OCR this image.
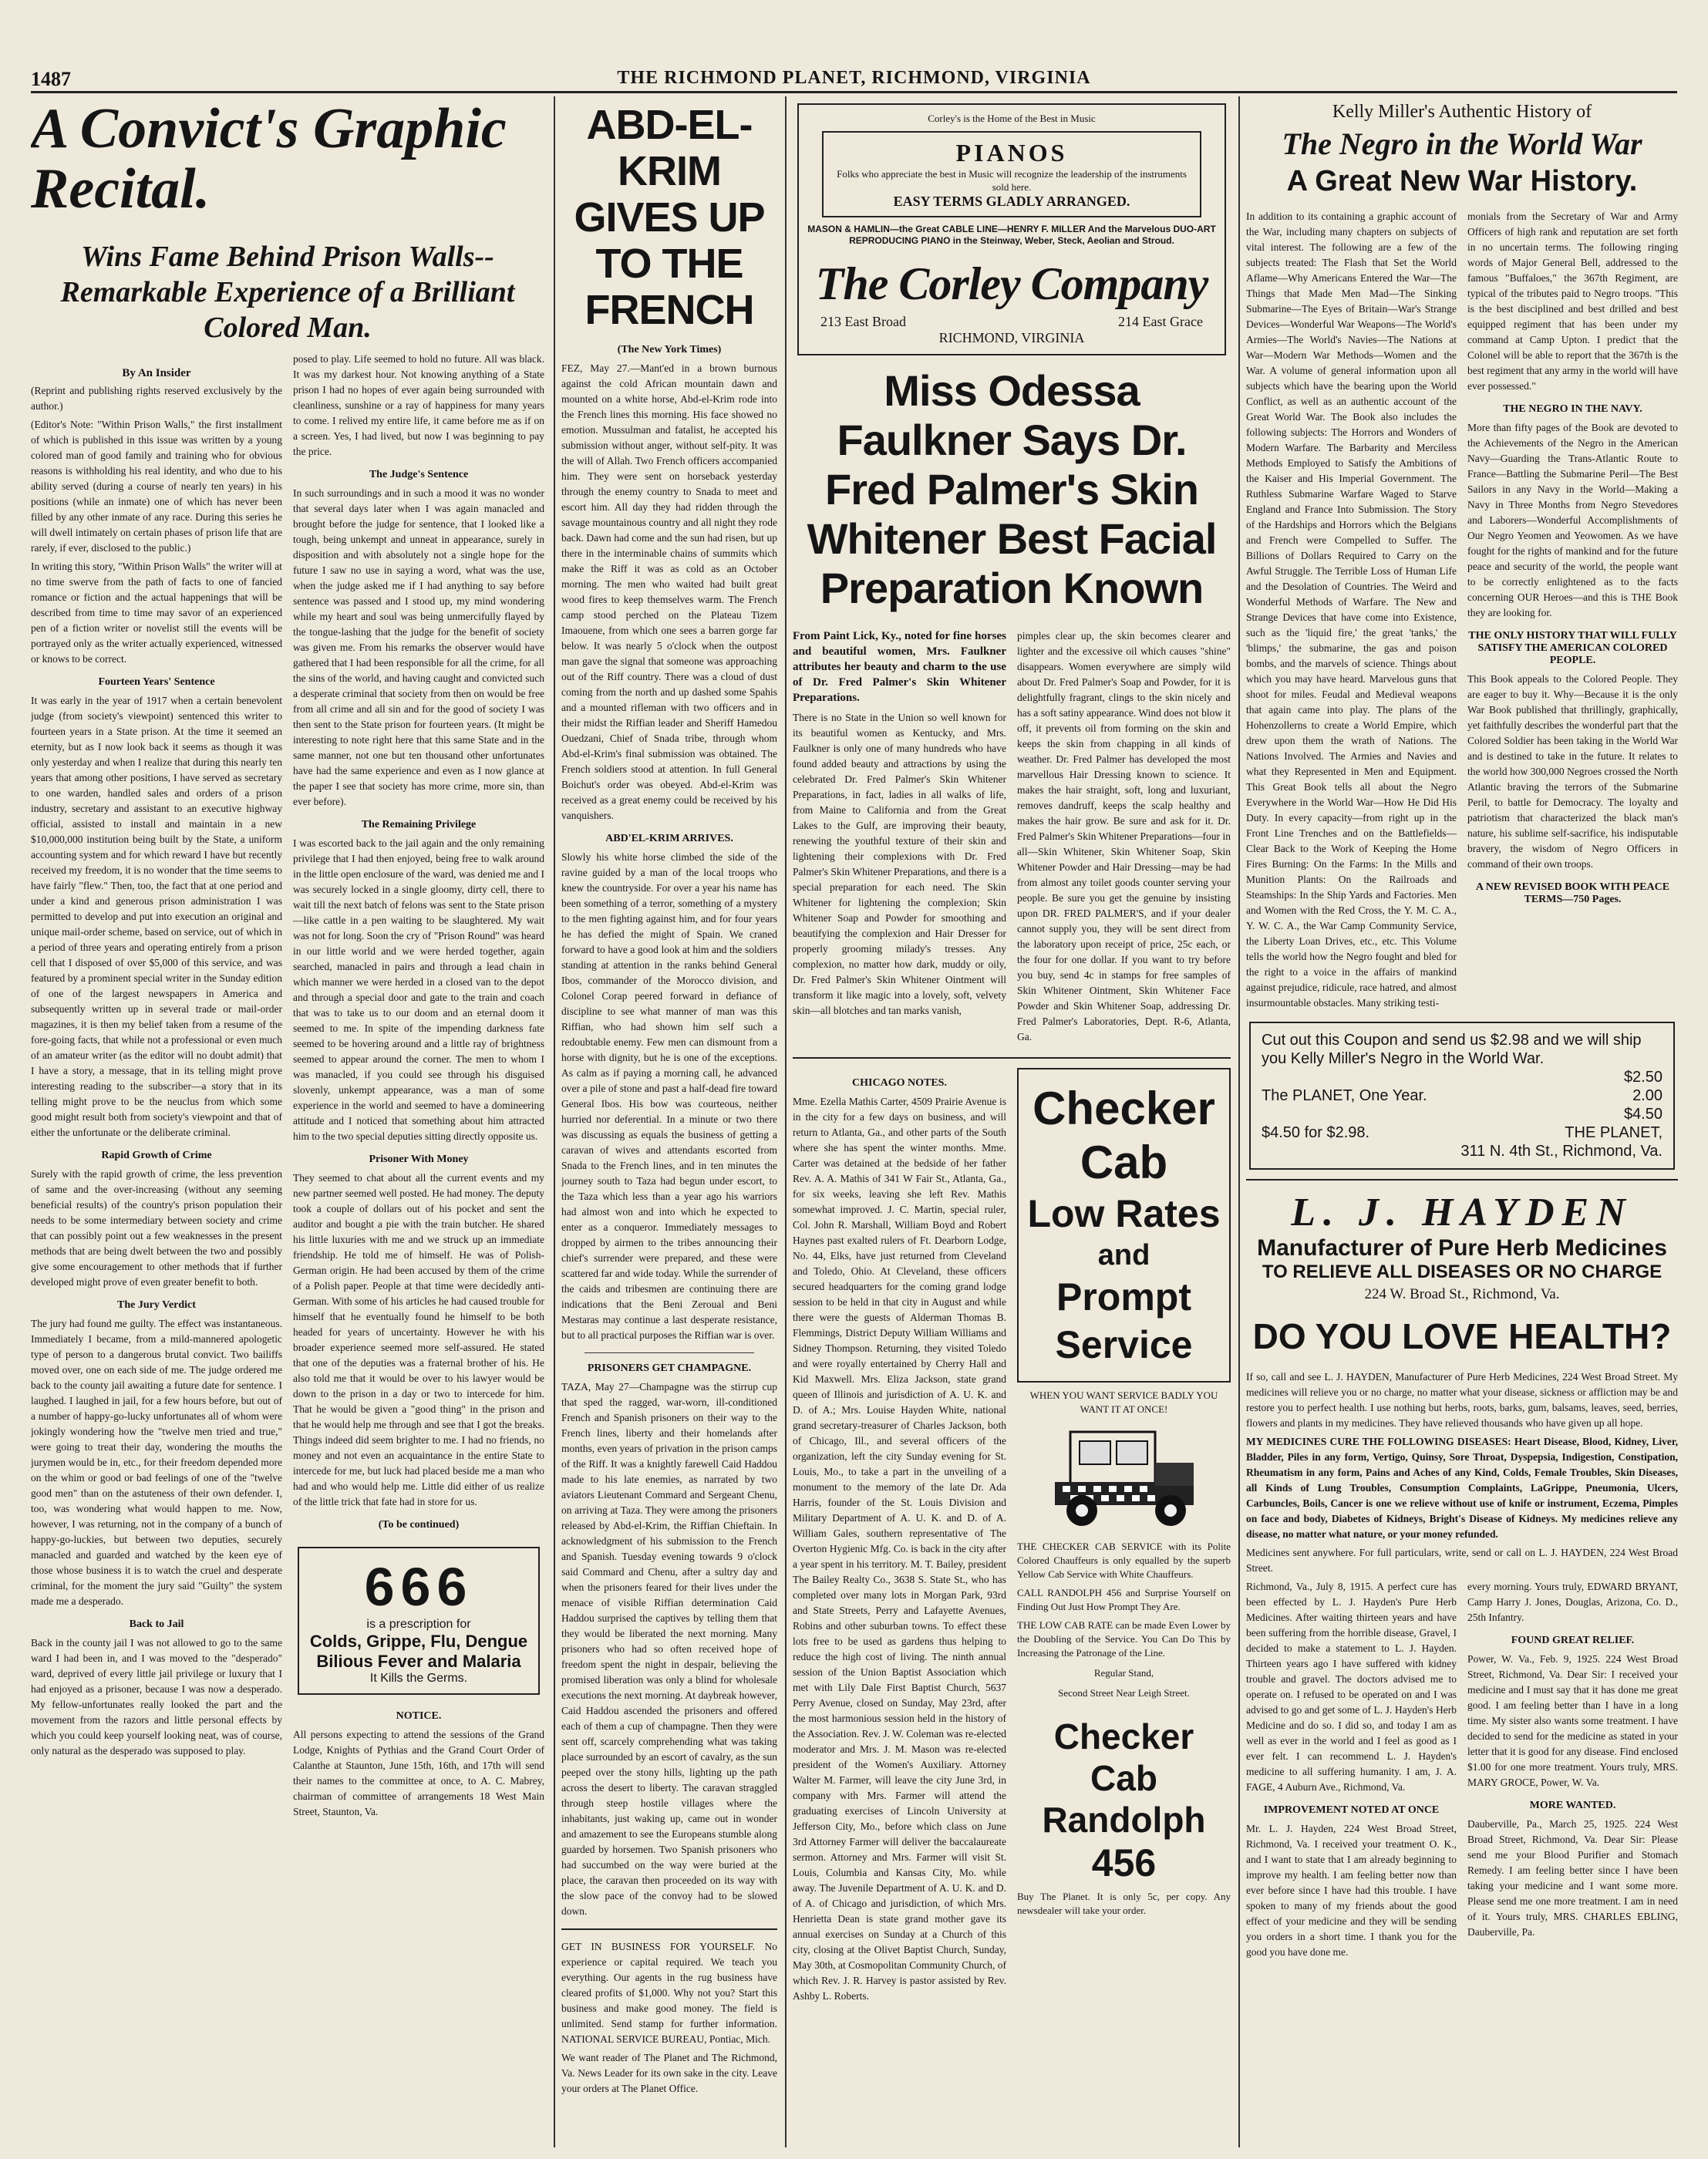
1487	THE RICHMOND PLANET, RICHMOND, VIRGINIA
A Convict's Graphic Recital.
Wins Fame Behind Prison Walls--Remarkable Experience of a Brilliant Colored Man.
By An Insider

(Reprint and publishing rights reserved exclusively by the author.)

(Editor's Note: "Within Prison Walls," the first installment of which is published in this issue was written by a young colored man of good family and training who for obvious reasons is withholding his real identity, and who due to his ability served (during a course of nearly ten years) in his positions (while an inmate) one of which has never been filled by any other inmate of any race. During this series he will dwell intimately on certain phases of prison life that are rarely, if ever, disclosed to the public.)

In writing this story, "Within Prison Walls" the writer will at no time swerve from the path of facts to one of fancied romance or fiction and the actual happenings that will be described from time to time may savor of an experienced pen of a fiction writer or novelist still the events will be portrayed only as the writer actually experienced, witnessed or knows to be correct.

Fourteen Years' Sentence

It was early in the year of 1917 when a certain benevolent judge (from society's viewpoint) sentenced this writer to fourteen years in a State prison. At the time it seemed an eternity, but as I now look back it seems as though it was only yesterday and when I realize that during this nearly ten years that among other positions, I have served as secretary to one warden, handled sales and orders of a prison industry, secretary and assistant to an executive highway official, assisted to install and maintain in a new $10,000,000 institution being built by the State, a uniform accounting system and for which reward I have but recently received my freedom, it is no wonder that the time seems to have fairly "flew." Then, too, the fact that at one period and under a kind and generous prison administration I was permitted to develop and put into execution an original and unique mail-order scheme, based on service, out of which in a period of three years and operating entirely from a prison cell that I disposed of over $5,000 of this service, and was featured by a prominent special writer in the Sunday edition of one of the largest newspapers in America and subsequently written up in several trade or mail-order magazines, it is then my belief taken from a resume of the fore-going facts, that while not a professional or even much of an amateur writer (as the editor will no doubt admit) that I have a story, a message, that in its telling might prove interesting reading to the subscriber—a story that in its telling might prove to be the neuclus from which some good might result both from society's viewpoint and that of either the unfortunate or the deliberate criminal.

Rapid Growth of Crime

Surely with the rapid growth of crime, the less prevention of same and the over-increasing (without any seeming beneficial results) of the country's prison population their needs to be some intermediary between society and crime that can possibly point out a few weaknesses in the present methods that are being dwelt between the two and possibly give some encouragement to other methods that if further developed might prove of even greater benefit to both.

The Jury Verdict

The jury had found me guilty. The effect was instantaneous. Immediately I became, from a mild-mannered apologetic type of person to a dangerous brutal convict. Two bailiffs moved over, one on each side of me. The judge ordered me back to the county jail awaiting a future date for sentence. I laughed. I laughed in jail, for a few hours before, but out of a number of happy-go-lucky unfortunates all of whom were jokingly wondering how the "twelve men tried and true," were going to treat their day, wondering the mouths the jurymen would be in, etc., for their freedom depended more on the whim or good or bad feelings of one of the "twelve good men" than on the astuteness of their own defender. I, too, was wondering what would happen to me. Now, however, I was returning, not in the company of a bunch of happy-go-luckies, but between two deputies, securely manacled and guarded and watched by the keen eye of those whose business it is to watch the cruel and desperate criminal, for the moment the jury said "Guilty" the system made me a desperado.

Back to Jail

Back in the county jail I was not allowed to go to the same ward I had been in, and I was moved to the "desperado" ward, deprived of every little jail privilege or luxury that I had enjoyed as a prisoner, because I was now a desperado. My fellow-unfortunates really looked the part and the movement from the razors and little personal effects by which you could keep yourself looking neat, was of course, only natural as the desperado was supposed to play.

posed to play. Life seemed to hold no future. All was black. It was my darkest hour. Not knowing anything of a State prison I had no hopes of ever again being surrounded with cleanliness, sunshine or a ray of happiness for many years to come. I relived my entire life, it came before me as if on a screen. Yes, I had lived, but now I was beginning to pay the price.

The Judge's Sentence

In such surroundings and in such a mood it was no wonder that several days later when I was again manacled and brought before the judge for sentence, that I looked like a tough, being unkempt and unneat in appearance, surely in disposition and with absolutely not a single hope for the future I saw no use in saying a word, what was the use, when the judge asked me if I had anything to say before sentence was passed and I stood up, my mind wondering while my heart and soul was being unmercifully flayed by the tongue-lashing that the judge for the benefit of society was given me. From his remarks the observer would have gathered that I had been responsible for all the crime, for all the sins of the world, and having caught and convicted such a desperate criminal that society from then on would be free from all crime and all sin and for the good of society I was then sent to the State prison for fourteen years. (It might be interesting to note right here that this same State and in the same manner, not one but ten thousand other unfortunates have had the same experience and even as I now glance at the paper I see that society has more crime, more sin, than ever before).

The Remaining Privilege

I was escorted back to the jail again and the only remaining privilege that I had then enjoyed, being free to walk around in the little open enclosure of the ward, was denied me and I was securely locked in a single gloomy, dirty cell, there to wait till the next batch of felons was sent to the State prison—like cattle in a pen waiting to be slaughtered. My wait was not for long. Soon the cry of "Prison Round" was heard in our little world and we were herded together, again searched, manacled in pairs and through a lead chain in which manner we were herded in a closed van to the depot and through a special door and gate to the train and coach that was to take us to our doom and an eternal doom it seemed to me. In spite of the impending darkness fate seemed to be hovering around and a little ray of brightness seemed to appear around the corner. The men to whom I was manacled, if you could see through his disguised slovenly, unkempt appearance, was a man of some experience in the world and seemed to have a domineering attitude and I noticed that something about him attracted him to the two special deputies sitting directly opposite us.

Prisoner With Money

They seemed to chat about all the current events and my new partner seemed well posted. He had money. The deputy took a couple of dollars out of his pocket and sent the auditor and bought a pie with the train butcher. He shared his little luxuries with me and we struck up an immediate friendship. He told me of himself. He was of Polish-German origin. He had been accused by them of the crime of a Polish paper. People at that time were decidedly anti-German. With some of his articles he had caused trouble for himself that he eventually found he himself to be both headed for years of uncertainty. However he with his broader experience seemed more self-assured. He stated that one of the deputies was a fraternal brother of his. He also told me that it would be over to his lawyer would be down to the prison in a day or two to intercede for him. That he would be given a "good thing" in the prison and that he would help me through and see that I got the breaks. Things indeed did seem brighter to me. I had no friends, no money and not even an acquaintance in the entire State to intercede for me, but luck had placed beside me a man who had and who would help me. Little did either of us realize of the little trick that fate had in store for us.

(To be continued)
666
is a prescription for
Colds, Grippe, Flu, Dengue
Bilious Fever and Malaria
It Kills the Germs.
NOTICE.

All persons expecting to attend the sessions of the Grand Lodge, Knights of Pythias and the Grand Court Order of Calanthe at Staunton, June 15th, 16th, and 17th will send their names to the committee at once, to A. C. Mabrey, chairman of committee of arrangements 18 West Main Street, Staunton, Va.

ABD-EL-KRIM GIVES UP TO THE FRENCH
(The New York Times)

FEZ, May 27.—Mant'ed in a brown burnous against the cold African mountain dawn and mounted on a white horse, Abd-el-Krim rode into the French lines this morning. His face showed no emotion. Mussulman and fatalist, he accepted his submission without anger, without self-pity. It was the will of Allah. Two French officers accompanied him. They were sent on horseback yesterday through the enemy country to Snada to meet and escort him. All day they had ridden through the savage mountainous country and all night they rode back. Dawn had come and the sun had risen, but up there in the interminable chains of summits which make the Riff it was as cold as an October morning. The men who waited had built great wood fires to keep themselves warm. The French camp stood perched on the Plateau Tizem Imaouene, from which one sees a barren gorge far below. It was nearly 5 o'clock when the outpost man gave the signal that someone was approaching out of the Riff country. There was a cloud of dust coming from the north and up dashed some Spahis and a mounted rifleman with two officers and in their midst the Riffian leader and Sheriff Hamedou Ouedzani, Chief of Snada tribe, through whom Abd-el-Krim's final submission was obtained. The French soldiers stood at attention. In full General Boichut's order was obeyed. Abd-el-Krim was received as a great enemy could be received by his vanquishers.

ABD'EL-KRIM ARRIVES.

Slowly his white horse climbed the side of the ravine guided by a man of the local troops who knew the countryside. For over a year his name has been something of a terror, something of a mystery to the men fighting against him, and for four years he has defied the might of Spain. We craned forward to have a good look at him and the soldiers standing at attention in the ranks behind General Ibos, commander of the Morocco division, and Colonel Corap peered forward in defiance of discipline to see what manner of man was this Riffian, who had shown him self such a redoubtable enemy. Few men can dismount from a horse with dignity, but he is one of the exceptions. As calm as if paying a morning call, he advanced over a pile of stone and past a half-dead fire toward General Ibos. His bow was courteous, neither hurried nor deferential. In a minute or two there was discussing as equals the business of getting a caravan of wives and attendants escorted from Snada to the French lines, and in ten minutes the journey south to Taza had begun under escort, to the Taza which less than a year ago his warriors had almost won and into which he expected to enter as a conqueror. Immediately messages to dropped by airmen to the tribes announcing their chief's surrender were prepared, and these were scattered far and wide today. While the surrender of the caids and tribesmen are continuing there are indications that the Beni Zeroual and Beni Mestaras may continue a last desperate resistance, but to all practical purposes the Riffian war is over.

PRISONERS GET CHAMPAGNE.

TAZA, May 27—Champagne was the stirrup cup that sped the ragged, war-worn, ill-conditioned French and Spanish prisoners on their way to the French lines, liberty and their homelands after months, even years of privation in the prison camps of the Riff. It was a knightly farewell Caid Haddou made to his late enemies, as narrated by two aviators Lieutenant Commard and Sergeant Chenu, on arriving at Taza. They were among the prisoners released by Abd-el-Krim, the Riffian Chieftain. In acknowledgment of his submission to the French and Spanish. Tuesday evening towards 9 o'clock said Commard and Chenu, after a sultry day and when the prisoners feared for their lives under the menace of visible Riffian determination Caid Haddou surprised the captives by telling them that they would be liberated the next morning. Many prisoners who had so often received hope of freedom spent the night in despair, believing the promised liberation was only a blind for wholesale executions the next morning. At daybreak however, Caid Haddou ascended the prisoners and offered each of them a cup of champagne. Then they were sent off, scarcely comprehending what was taking place surrounded by an escort of cavalry, as the sun peeped over the stony hills, lighting up the path across the desert to liberty. The caravan straggled through steep hostile villages where the inhabitants, just waking up, came out in wonder and amazement to see the Europeans stumble along guarded by horsemen. Two Spanish prisoners who had succumbed on the way were buried at the place, the caravan then proceeded on its way with the slow pace of the convoy had to be slowed down.

GET IN BUSINESS FOR YOURSELF. No experience or capital required. We teach you everything. Our agents in the rug business have cleared profits of $1,000. Why not you? Start this business and make good money. The field is unlimited. Send stamp for further information. NATIONAL SERVICE BUREAU, Pontiac, Mich.

We want reader of The Planet and The Richmond, Va. News Leader for its own sake in the city. Leave your orders at The Planet Office.

Corley's is the Home of the Best in Music
PIANOS
Folks who appreciate the best in Music will recognize the leadership of the instruments sold here.
EASY TERMS GLADLY ARRANGED.
MASON & HAMLIN—the Great CABLE LINE—HENRY F. MILLER And the Marvelous DUO-ART REPRODUCING PIANO in the Steinway, Weber, Steck, Aeolian and Stroud.
The Corley Company
213 East Broad	214 East Grace
RICHMOND, VIRGINIA
Miss Odessa Faulkner Says Dr. Fred Palmer's Skin Whitener Best Facial Preparation Known

From Paint Lick, Ky., noted for fine horses and beautiful women, Mrs. Faulkner attributes her beauty and charm to the use of Dr. Fred Palmer's Skin Whitener Preparations.

There is no State in the Union so well known for its beautiful women as Kentucky, and Mrs. Faulkner is only one of many hundreds who have found added beauty and attractions by using the celebrated Dr. Fred Palmer's Skin Whitener Preparations, in fact, ladies in all walks of life, from Maine to California and from the Great Lakes to the Gulf, are improving their beauty, renewing the youthful texture of their skin and lightening their complexions with Dr. Fred Palmer's Skin Whitener Preparations, and there is a special preparation for each need. The Skin Whitener for lightening the complexion; Skin Whitener Soap and Powder for smoothing and beautifying the complexion and Hair Dresser for properly grooming milady's tresses. Any complexion, no matter how dark, muddy or oily, Dr. Fred Palmer's Skin Whitener Ointment will transform it like magic into a lovely, soft, velvety skin—all blotches and tan marks vanish,

pimples clear up, the skin becomes clearer and lighter and the excessive oil which causes "shine" disappears. Women everywhere are simply wild about Dr. Fred Palmer's Soap and Powder, for it is delightfully fragrant, clings to the skin nicely and has a soft satiny appearance. Wind does not blow it off, it prevents oil from forming on the skin and keeps the skin from chapping in all kinds of weather. Dr. Fred Palmer has developed the most marvellous Hair Dressing known to science. It makes the hair straight, soft, long and luxuriant, removes dandruff, keeps the scalp healthy and makes the hair grow. Be sure and ask for it. Dr. Fred Palmer's Skin Whitener Preparations—four in all—Skin Whitener, Skin Whitener Soap, Skin Whitener Powder and Hair Dressing—may be had from almost any toilet goods counter serving your people. Be sure you get the genuine by insisting upon DR. FRED PALMER'S, and if your dealer cannot supply you, they will be sent direct from the laboratory upon receipt of price, 25c each, or the four for one dollar. If you want to try before you buy, send 4c in stamps for free samples of Skin Whitener Ointment, Skin Whitener Face Powder and Skin Whitener Soap, addressing Dr. Fred Palmer's Laboratories, Dept. R-6, Atlanta, Ga.

CHICAGO NOTES.

Mme. Ezella Mathis Carter, 4509 Prairie Avenue is in the city for a few days on business, and will return to Atlanta, Ga., and other parts of the South where she has spent the winter months. Mme. Carter was detained at the bedside of her father Rev. A. A. Mathis of 341 W Fair St., Atlanta, Ga., for six weeks, leaving she left Rev. Mathis somewhat improved. J. C. Martin, special ruler, Col. John R. Marshall, William Boyd and Robert Haynes past exalted rulers of Ft. Dearborn Lodge, No. 44, Elks, have just returned from Cleveland and Toledo, Ohio. At Cleveland, these officers secured headquarters for the coming grand lodge session to be held in that city in August and while there were the guests of Alderman Thomas B. Flemmings, District Deputy William Williams and Sidney Thompson. Returning, they visited Toledo and were royally entertained by Cherry Hall and Kid Maxwell. Mrs. Eliza Jackson, state grand queen of Illinois and jurisdiction of A. U. K. and D. of A.; Mrs. Louise Hayden White, national grand secretary-treasurer of Charles Jackson, both of Chicago, Ill., and several officers of the organization, left the city Sunday evening for St. Louis, Mo., to take a part in the unveiling of a monument to the memory of the late Dr. Ada Harris, founder of the St. Louis Division and Military Department of A. U. K. and D. of A. William Gales, southern representative of The Overton Hygienic Mfg. Co. is back in the city after a year spent in his territory. M. T. Bailey, president The Bailey Realty Co., 3638 S. State St., who has completed over many lots in Morgan Park, 93rd and State Streets, Perry and Lafayette Avenues, Robins and other suburban towns. To effect these lots free to be used as gardens thus helping to reduce the high cost of living. The ninth annual session of the Union Baptist Association which met with Lily Dale First Baptist Church, 5637 Perry Avenue, closed on Sunday, May 23rd, after the most harmonious session held in the history of the Association. Rev. J. W. Coleman was re-elected moderator and Mrs. J. M. Mason was re-elected president of the Women's Auxiliary. Attorney Walter M. Farmer, will leave the city June 3rd, in company with Mrs. Farmer will attend the graduating exercises of Lincoln University at Jefferson City, Mo., before which class on June 3rd Attorney Farmer will deliver the baccalaureate sermon. Attorney and Mrs. Farmer will visit St. Louis, Columbia and Kansas City, Mo. while away. The Juvenile Department of A. U. K. and D. of A. of Chicago and jurisdiction, of which Mrs. Henrietta Dean is state grand mother gave its annual exercises on Sunday at a Church of this city, closing at the Olivet Baptist Church, Sunday, May 30th, at Cosmopolitan Community Church, of which Rev. J. R. Harvey is pastor assisted by Rev. Ashby L. Roberts.

Checker
Cab
Low Rates
and
Prompt
Service
WHEN YOU WANT SERVICE BADLY YOU WANT IT AT ONCE!

THE CHECKER CAB SERVICE with its Polite Colored Chauffeurs is only equalled by the superb Yellow Cab Service with White Chauffeurs.

CALL RANDOLPH 456 and Surprise Yourself on Finding Out Just How Prompt They Are.

THE LOW CAB RATE can be made Even Lower by the Doubling of the Service. You Can Do This by Increasing the Patronage of the Line.

Regular Stand,
Second Street Near Leigh Street.
Checker
Cab
Randolph
456

Buy The Planet. It is only 5c, per copy. Any newsdealer will take your order.

Kelly Miller's Authentic History of
The Negro in the World War
A Great New War History.

In addition to its containing a graphic account of the War, including many chapters on subjects of vital interest. The following are a few of the subjects treated: The Flash that Set the World Aflame—Why Americans Entered the War—The Things that Made Men Mad—The Sinking Submarine—The Eyes of Britain—War's Strange Devices—Wonderful War Weapons—The World's Armies—The World's Navies—The Nations at War—Modern War Methods—Women and the War. A volume of general information upon all subjects which have the bearing upon the World Conflict, as well as an authentic account of the Great World War. The Book also includes the following subjects: The Horrors and Wonders of Modern Warfare. The Barbarity and Merciless Methods Employed to Satisfy the Ambitions of the Kaiser and His Imperial Government. The Ruthless Submarine Warfare Waged to Starve England and France Into Submission. The Story of the Hardships and Horrors which the Belgians and French were Compelled to Suffer. The Billions of Dollars Required to Carry on the Awful Struggle. The Terrible Loss of Human Life and the Desolation of Countries. The Weird and Wonderful Methods of Warfare. The New and Strange Devices that have come into Existence, such as the 'liquid fire,' the great 'tanks,' the 'blimps,' the submarine, the gas and poison bombs, and the marvels of science. Things about which you may have heard. Marvelous guns that shoot for miles. Feudal and Medieval weapons that again came into play. The plans of the Hohenzollerns to create a World Empire, which drew upon them the wrath of Nations. The Nations Involved. The Armies and Navies and what they Represented in Men and Equipment. This Great Book tells all about the Negro Everywhere in the World War—How He Did His Duty. In every capacity—from right up in the Front Line Trenches and on the Battlefields—Clear Back to the Work of Keeping the Home Fires Burning: On the Farms: In the Mills and Munition Plants: On the Railroads and Steamships: In the Ship Yards and Factories. Men and Women with the Red Cross, the Y. M. C. A., Y. W. C. A., the War Camp Community Service, the Liberty Loan Drives, etc., etc. This Volume tells the world how the Negro fought and bled for the right to a voice in the affairs of mankind against prejudice, ridicule, race hatred, and almost insurmountable obstacles. Many striking testi-

monials from the Secretary of War and Army Officers of high rank and reputation are set forth in no uncertain terms. The following ringing words of Major General Bell, addressed to the famous "Buffaloes," the 367th Regiment, are typical of the tributes paid to Negro troops. "This is the best disciplined and best drilled and best equipped regiment that has been under my command at Camp Upton. I predict that the Colonel will be able to report that the 367th is the best regiment that any army in the world will have ever possessed."

THE NEGRO IN THE NAVY.

More than fifty pages of the Book are devoted to the Achievements of the Negro in the American Navy—Guarding the Trans-Atlantic Route to France—Battling the Submarine Peril—The Best Sailors in any Navy in the World—Making a Navy in Three Months from Negro Stevedores and Laborers—Wonderful Accomplishments of Our Negro Yeomen and Yeowomen. As we have fought for the rights of mankind and for the future peace and security of the world, the people want to be correctly enlightened as to the facts concerning OUR Heroes—and this is THE Book they are looking for.

THE ONLY HISTORY THAT WILL FULLY SATISFY THE AMERICAN COLORED PEOPLE.

This Book appeals to the Colored People. They are eager to buy it. Why—Because it is the only War Book published that thrillingly, graphically, yet faithfully describes the wonderful part that the Colored Soldier has been taking in the World War and is destined to take in the future. It relates to the world how 300,000 Negroes crossed the North Atlantic braving the terrors of the Submarine Peril, to battle for Democracy. The loyalty and patriotism that characterized the black man's nature, his sublime self-sacrifice, his indisputable bravery, the wisdom of Negro Officers in command of their own troops.

A NEW REVISED BOOK WITH PEACE TERMS—750 Pages.
Cut out this Coupon and send us $2.98 and we will ship you Kelly Miller's Negro in the World War.
$2.50
The PLANET, One Year.	2.00
$4.50
$4.50 for $2.98.	THE PLANET,
311 N. 4th St., Richmond, Va.
L. J. HAYDEN
Manufacturer of Pure Herb Medicines
TO RELIEVE ALL DISEASES OR NO CHARGE
224 W. Broad St., Richmond, Va.
DO YOU LOVE HEALTH?

If so, call and see L. J. HAYDEN, Manufacturer of Pure Herb Medicines, 224 West Broad Street. My medicines will relieve you or no charge, no matter what your disease, sickness or affliction may be and restore you to perfect health. I use nothing but herbs, roots, barks, gum, balsams, leaves, seed, berries, flowers and plants in my medicines. They have relieved thousands who have given up all hope.

MY MEDICINES CURE THE FOLLOWING DISEASES: Heart Disease, Blood, Kidney, Liver, Bladder, Piles in any form, Vertigo, Quinsy, Sore Throat, Dyspepsia, Indigestion, Constipation, Rheumatism in any form, Pains and Aches of any Kind, Colds, Female Troubles, Skin Diseases, all Kinds of Lung Troubles, Consumption Complaints, LaGrippe, Pneumonia, Ulcers, Carbuncles, Boils, Cancer is one we relieve without use of knife or instrument, Eczema, Pimples on face and body, Diabetes of Kidneys, Bright's Disease of Kidneys. My medicines relieve any disease, no matter what nature, or your money refunded.

Medicines sent anywhere. For full particulars, write, send or call on L. J. HAYDEN, 224 West Broad Street.

Richmond, Va., July 8, 1915. A perfect cure has been effected by L. J. Hayden's Pure Herb Medicines. After waiting thirteen years and have been suffering from the horrible disease, Gravel, I decided to make a statement to L. J. Hayden. Thirteen years ago I have suffered with kidney trouble and gravel. The doctors advised me to operate on. I refused to be operated on and I was advised to go and get some of L. J. Hayden's Herb Medicine and do so. I did so, and today I am as well as ever in the world and I feel as good as I ever felt. I can recommend L. J. Hayden's medicine to all suffering humanity. I am, J. A. FAGE, 4 Auburn Ave., Richmond, Va.

IMPROVEMENT NOTED AT ONCE

Mr. L. J. Hayden, 224 West Broad Street, Richmond, Va. I received your treatment O. K., and I want to state that I am already beginning to improve my health. I am feeling better now than ever before since I have had this trouble. I have spoken to many of my friends about the good effect of your medicine and they will be sending you orders in a short time. I thank you for the good you have done me.

every morning. Yours truly, EDWARD BRYANT, Camp Harry J. Jones, Douglas, Arizona, Co. D., 25th Infantry.

FOUND GREAT RELIEF.

Power, W. Va., Feb. 9, 1925. 224 West Broad Street, Richmond, Va. Dear Sir: I received your medicine and I must say that it has done me great good. I am feeling better than I have in a long time. My sister also wants some treatment. I have decided to send for the medicine as stated in your letter that it is good for any disease. Find enclosed $1.00 for one more treatment. Yours truly, MRS. MARY GROCE, Power, W. Va.

MORE WANTED.

Dauberville, Pa., March 25, 1925. 224 West Broad Street, Richmond, Va. Dear Sir: Please send me your Blood Purifier and Stomach Remedy. I am feeling better since I have been taking your medicine and I want some more. Please send me one more treatment. I am in need of it. Yours truly, MRS. CHARLES EBLING, Dauberville, Pa.
